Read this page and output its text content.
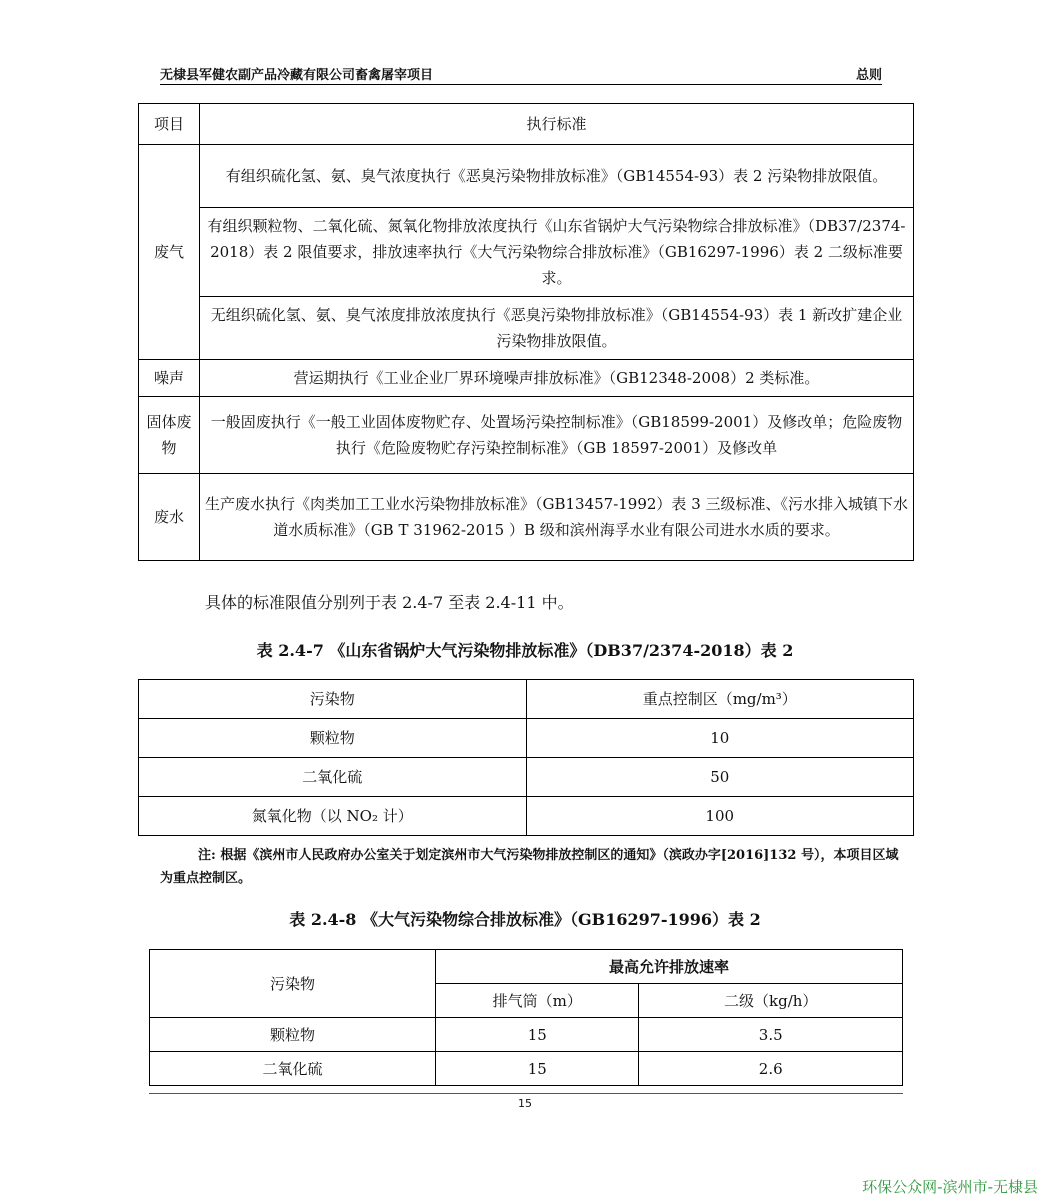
无棣县军健农副产品冷藏有限公司畜禽屠宰项目	总则
项目	执行标准
废气	有组织硫化氢、氨、臭气浓度执行《恶臭污染物排放标准》（GB14554-93）表 2 污染物排放限值。
	有组织颗粒物、二氧化硫、氮氧化物排放浓度执行《山东省锅炉大气污染物综合排放标准》（DB37/2374-2018）表 2 限值要求，排放速率执行《大气污染物综合排放标准》（GB16297-1996）表 2 二级标准要求。
	无组织硫化氢、氨、臭气浓度排放浓度执行《恶臭污染物排放标准》（GB14554-93）表 1 新改扩建企业污染物排放限值。
噪声	营运期执行《工业企业厂界环境噪声排放标准》（GB12348-2008）2 类标准。
固体废物	一般固废执行《一般工业固体废物贮存、处置场污染控制标准》（GB18599-2001）及修改单；危险废物执行《危险废物贮存污染控制标准》（GB 18597-2001）及修改单
废水	生产废水执行《肉类加工工业水污染物排放标准》（GB13457-1992）表 3 三级标准、《污水排入城镇下水道水质标准》（GB T 31962-2015 ）B 级和滨州海孚水业有限公司进水水质的要求。
具体的标准限值分别列于表 2.4-7 至表 2.4-11 中。
表 2.4-7 《山东省锅炉大气污染物排放标准》（DB37/2374-2018）表 2
污染物	重点控制区（mg/m³）
颗粒物	10
二氧化硫	50
氮氧化物（以 NO₂ 计）	100
注: 根据《滨州市人民政府办公室关于划定滨州市大气污染物排放控制区的通知》（滨政办字[2016]132 号），本项目区域为重点控制区。
表 2.4-8 《大气污染物综合排放标准》（GB16297-1996）表 2
污染物	最高允许排放速率	
	排气筒（m）	二级（kg/h）
颗粒物	15	3.5
二氧化硫	15	2.6
15
环保公众网-滨州市-无棣县
